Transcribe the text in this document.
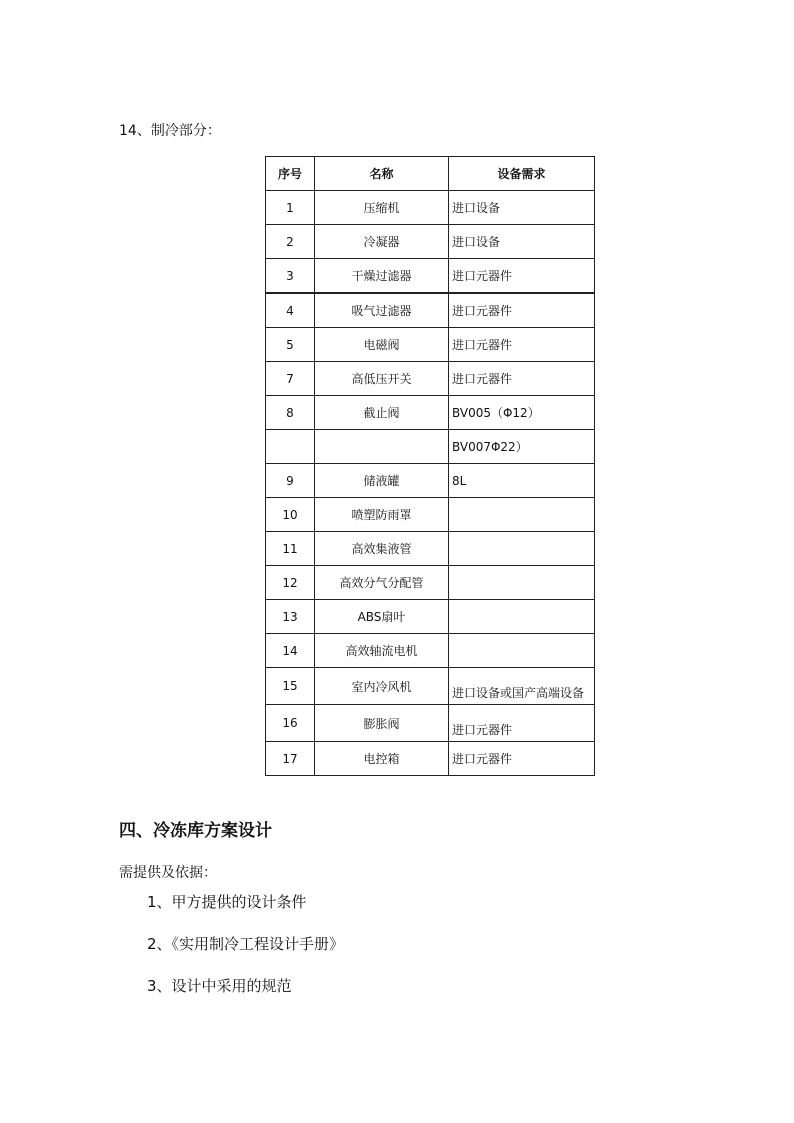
14、制冷部分：
序号	名称	设备需求
1	压缩机	进口设备
2	冷凝器	进口设备
3	干燥过滤器	进口元器件
4	吸气过滤器	进口元器件
5	电磁阀	进口元器件
7	高低压开关	进口元器件
8	截止阀	BV005（Φ12）
		BV007Φ22）
9	储液罐	8L
10	喷塑防雨罩	
11	高效集液管	
12	高效分气分配管	
13	ABS扇叶	
14	高效轴流电机	
15	室内冷风机	进口设备或国产高端设备
16	膨胀阀	进口元器件
17	电控箱	进口元器件
四、冷冻库方案设计
需提供及依据：
1、甲方提供的设计条件
2、《实用制冷工程设计手册》
3、设计中采用的规范
